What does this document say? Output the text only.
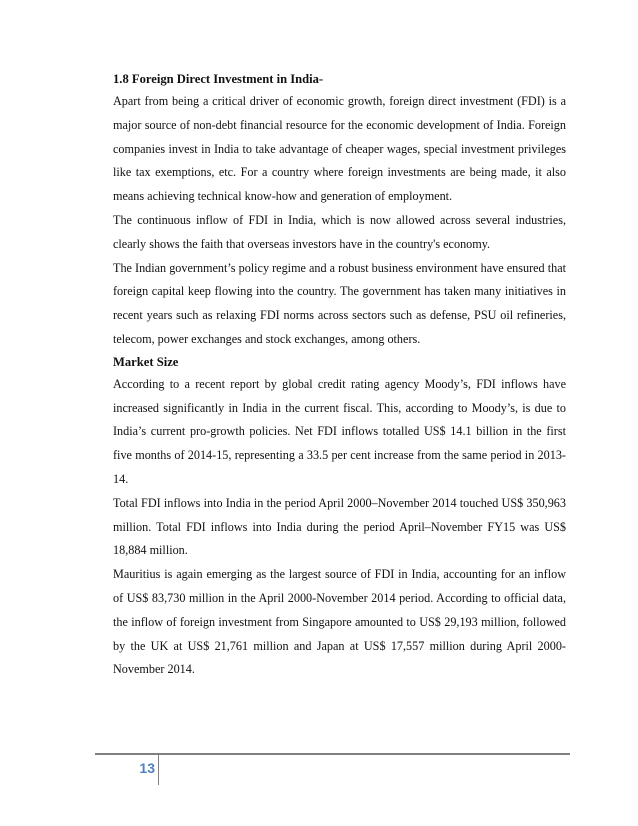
1.8 Foreign Direct Investment in India-

Apart from being a critical driver of economic growth, foreign direct investment (FDI) is a major source of non-debt financial resource for the economic development of India. Foreign companies invest in India to take advantage of cheaper wages, special investment privileges like tax exemptions, etc. For a country where foreign investments are being made, it also means achieving technical know-how and generation of employment.

The continuous inflow of FDI in India, which is now allowed across several industries, clearly shows the faith that overseas investors have in the country's economy.

The Indian government’s policy regime and a robust business environment have ensured that foreign capital keep flowing into the country. The government has taken many initiatives in recent years such as relaxing FDI norms across sectors such as defense, PSU oil refineries, telecom, power exchanges and stock exchanges, among others.

Market Size

According to a recent report by global credit rating agency Moody’s, FDI inflows have increased significantly in India in the current fiscal. This, according to Moody’s, is due to India’s current pro-growth policies. Net FDI inflows totalled US$ 14.1 billion in the first five months of 2014-15, representing a 33.5 per cent increase from the same period in 2013-14.

Total FDI inflows into India in the period April 2000–November 2014 touched US$ 350,963 million. Total FDI inflows into India during the period April–November FY15 was US$ 18,884 million.

Mauritius is again emerging as the largest source of FDI in India, accounting for an inflow of US$ 83,730 million in the April 2000-November 2014 period. According to official data, the inflow of foreign investment from Singapore amounted to US$ 29,193 million, followed by the UK at US$ 21,761 million and Japan at US$ 17,557 million during April 2000-November 2014.

13
